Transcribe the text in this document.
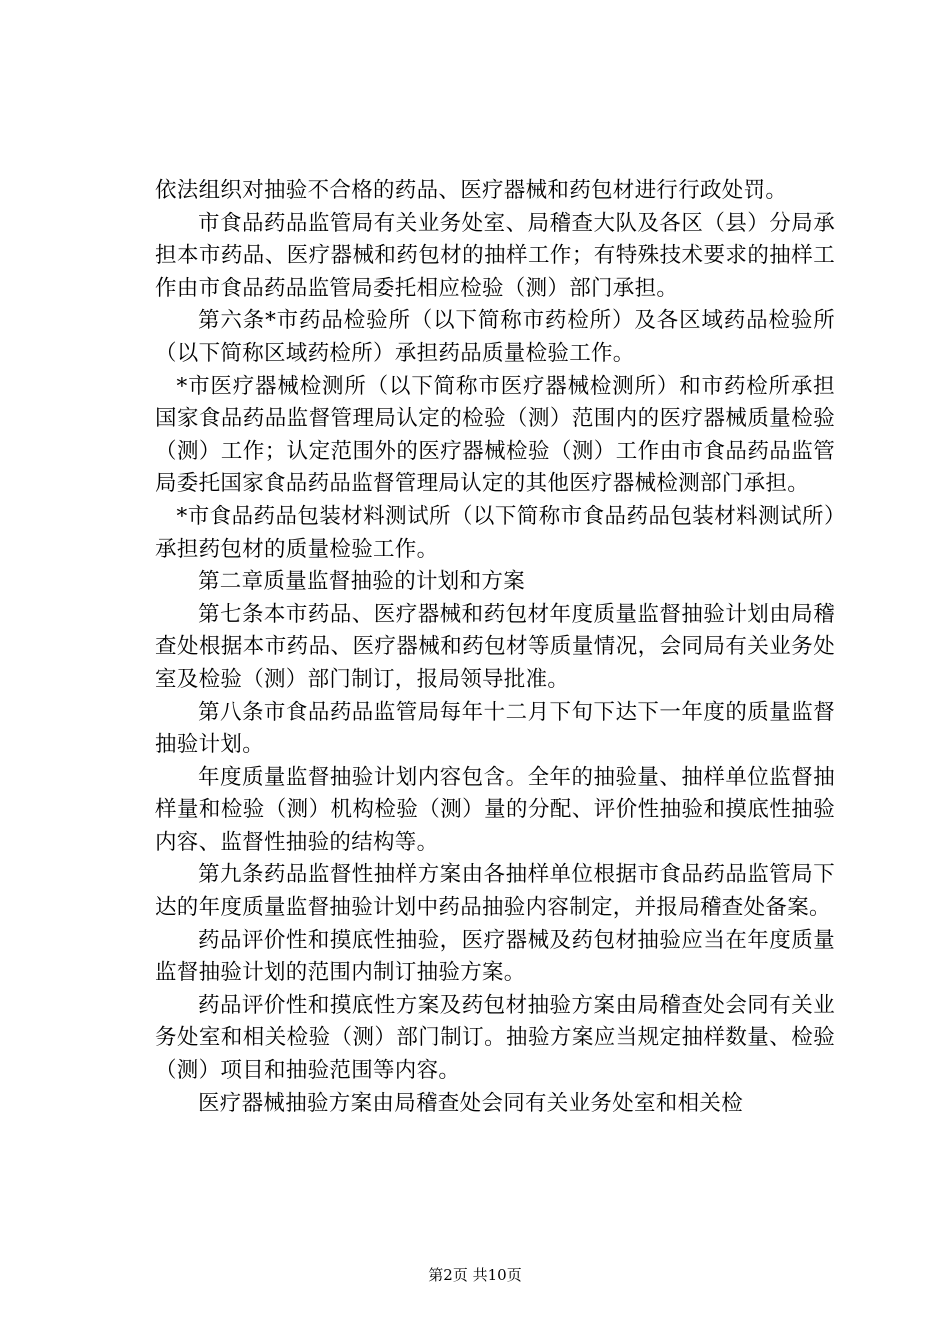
依法组织对抽验不合格的药品、医疗器械和药包材进行行政处罚。

市食品药品监管局有关业务处室、局稽查大队及各区（县）分局承担本市药品、医疗器械和药包材的抽样工作；有特殊技术要求的抽样工作由市食品药品监管局委托相应检验（测）部门承担。

第六条*市药品检验所（以下简称市药检所）及各区域药品检验所（以下简称区域药检所）承担药品质量检验工作。

*市医疗器械检测所（以下简称市医疗器械检测所）和市药检所承担国家食品药品监督管理局认定的检验（测）范围内的医疗器械质量检验（测）工作；认定范围外的医疗器械检验（测）工作由市食品药品监管局委托国家食品药品监督管理局认定的其他医疗器械检测部门承担。

*市食品药品包装材料测试所（以下简称市食品药品包装材料测试所）承担药包材的质量检验工作。

第二章质量监督抽验的计划和方案

第七条本市药品、医疗器械和药包材年度质量监督抽验计划由局稽查处根据本市药品、医疗器械和药包材等质量情况，会同局有关业务处室及检验（测）部门制订，报局领导批准。

第八条市食品药品监管局每年十二月下旬下达下一年度的质量监督抽验计划。

年度质量监督抽验计划内容包含。全年的抽验量、抽样单位监督抽样量和检验（测）机构检验（测）量的分配、评价性抽验和摸底性抽验内容、监督性抽验的结构等。

第九条药品监督性抽样方案由各抽样单位根据市食品药品监管局下达的年度质量监督抽验计划中药品抽验内容制定，并报局稽查处备案。

药品评价性和摸底性抽验，医疗器械及药包材抽验应当在年度质量监督抽验计划的范围内制订抽验方案。

药品评价性和摸底性方案及药包材抽验方案由局稽查处会同有关业务处室和相关检验（测）部门制订。抽验方案应当规定抽样数量、检验（测）项目和抽验范围等内容。

医疗器械抽验方案由局稽查处会同有关业务处室和相关检

第2页 共10页
